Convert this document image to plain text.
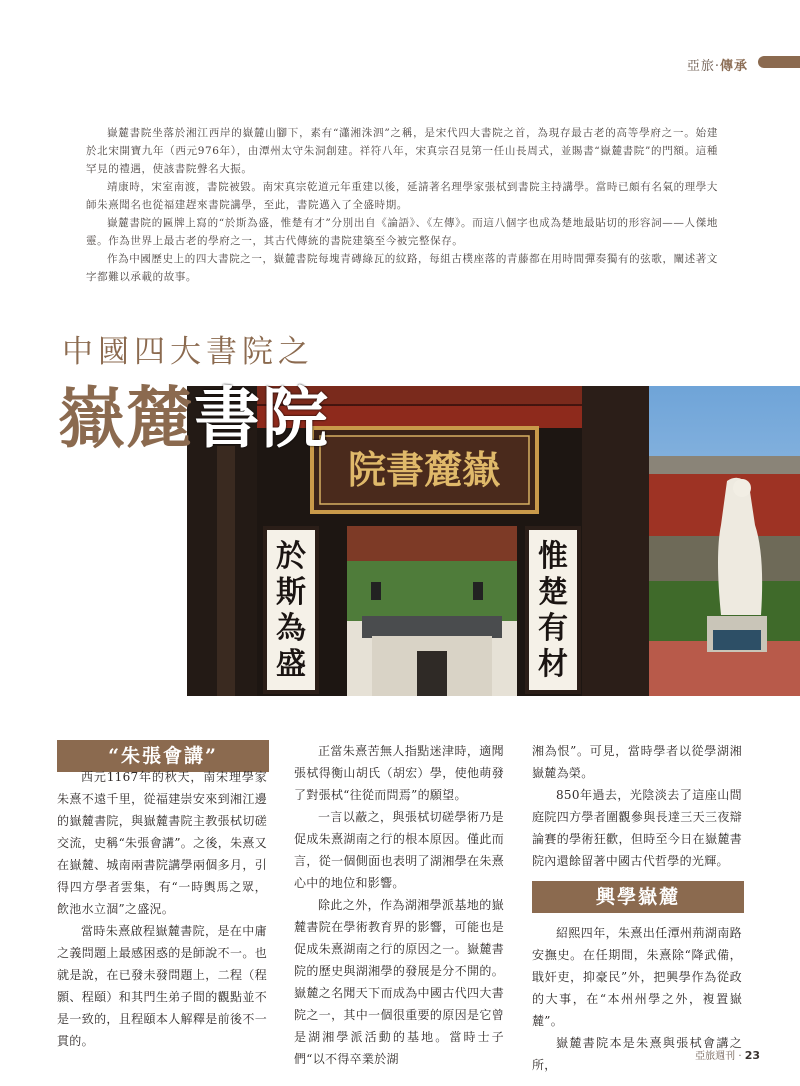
亞旅·傳承

嶽麓書院坐落於湘江西岸的嶽麓山腳下，素有“瀟湘洙泗”之稱，是宋代四大書院之首，為現存最古老的高等學府之一。始建於北宋開寶九年（西元976年），由潭州太守朱洞創建。祥符八年，宋真宗召見第一任山長周式，並賜書“嶽麓書院”的門額。這種罕見的禮遇，使該書院聲名大振。

靖康時，宋室南渡，書院被毀。南宋真宗乾道元年重建以後，延請著名理學家張栻到書院主持講學。當時已頗有名氣的理學大師朱熹聞名也從福建趕來書院講學，至此，書院邁入了全盛時期。

嶽麓書院的匾牌上寫的“於斯為盛，惟楚有才”分別出自《論語》、《左傳》。而這八個字也成為楚地最貼切的形容詞——人傑地靈。作為世界上最古老的學府之一，其古代傳統的書院建築至今被完整保存。

作為中國歷史上的四大書院之一，嶽麓書院每塊青磚綠瓦的紋路，每組古樸座落的青藤都在用時間彈奏獨有的弦歌，闡述著文字都難以承載的故事。

中國四大書院之
嶽麓書院
院書麓嶽
於
斯
為
盛
惟
楚
有
材
“朱張會講”

西元1167年的秋天，南宋理學家朱熹不遠千里，從福建崇安來到湘江邊的嶽麓書院，與嶽麓書院主教張栻切磋交流，史稱“朱張會講”。之後，朱熹又在嶽麓、城南兩書院講學兩個多月，引得四方學者雲集，有“一時輿馬之眾，飲池水立涸”之盛況。

當時朱熹啟程嶽麓書院，是在中庸之義問題上最感困惑的是師說不一。也就是說，在已發未發問題上，二程（程顥、程頤）和其門生弟子間的觀點並不是一致的，且程頤本人解釋是前後不一貫的。

正當朱熹苦無人指點迷津時，適聞張栻得衡山胡氏（胡宏）學，使他萌發了對張栻“往從而問焉”的願望。

一言以蔽之，與張栻切磋學術乃是促成朱熹湖南之行的根本原因。僅此而言，從一個側面也表明了湖湘學在朱熹心中的地位和影響。

除此之外，作為湖湘學派基地的嶽麓書院在學術教育界的影響，可能也是促成朱熹湖南之行的原因之一。嶽麓書院的歷史與湖湘學的發展是分不開的。嶽麓之名聞天下而成為中國古代四大書院之一，其中一個很重要的原因是它曾是湖湘學派活動的基地。當時士子們“以不得卒業於湖

湘為恨”。可見，當時學者以從學湖湘嶽麓為榮。

850年過去，光陰淡去了這座山間庭院四方學者圍觀參與長達三天三夜辯論賽的學術狂歡，但時至今日在嶽麓書院內還餘留著中國古代哲學的光輝。

興學嶽麓

紹熙四年，朱熹出任潭州荊湖南路安撫史。在任期間，朱熹除“降武備，戢奸吏，抑豪民”外，把興學作為從政的大事，在“本州州學之外，複置嶽麓”。

嶽麓書院本是朱熹與張栻會講之所，

亞旅週刊 · 23
